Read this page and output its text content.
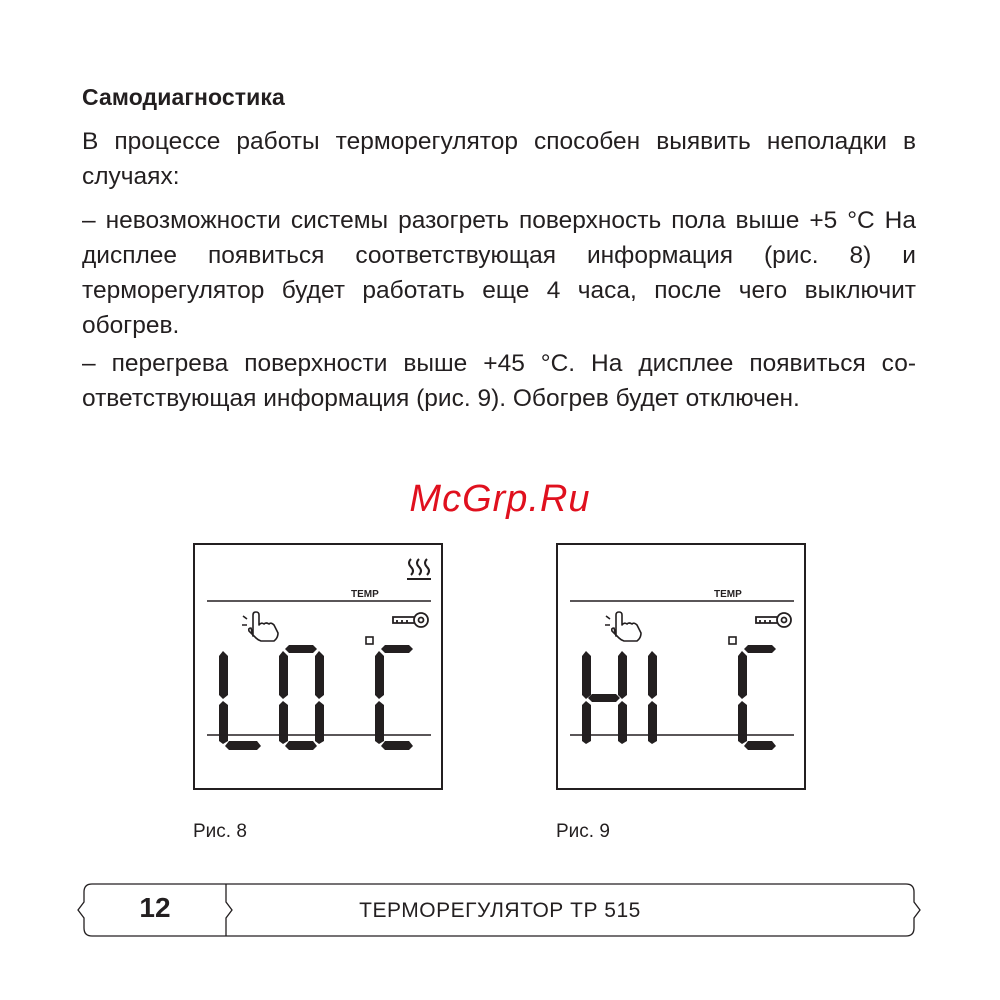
Самодиагностика

В процессе работы терморегулятор способен выявить неполадки в случаях:

– невозможности системы разогреть поверхность пола выше +5 °С На дисплее появиться соответствующая информация (рис. 8) и терморегулятор будет работать еще 4 часа, после чего выключит обогрев.

– перегрева поверхности выше +45 °С. На дисплее появиться со-ответствующая информация (рис. 9). Обогрев будет отключен.

McGrp.Ru
TEMP	TEMP
Рис. 8	Рис. 9
12	ТЕРМОРЕГУЛЯТОР ТР 515
